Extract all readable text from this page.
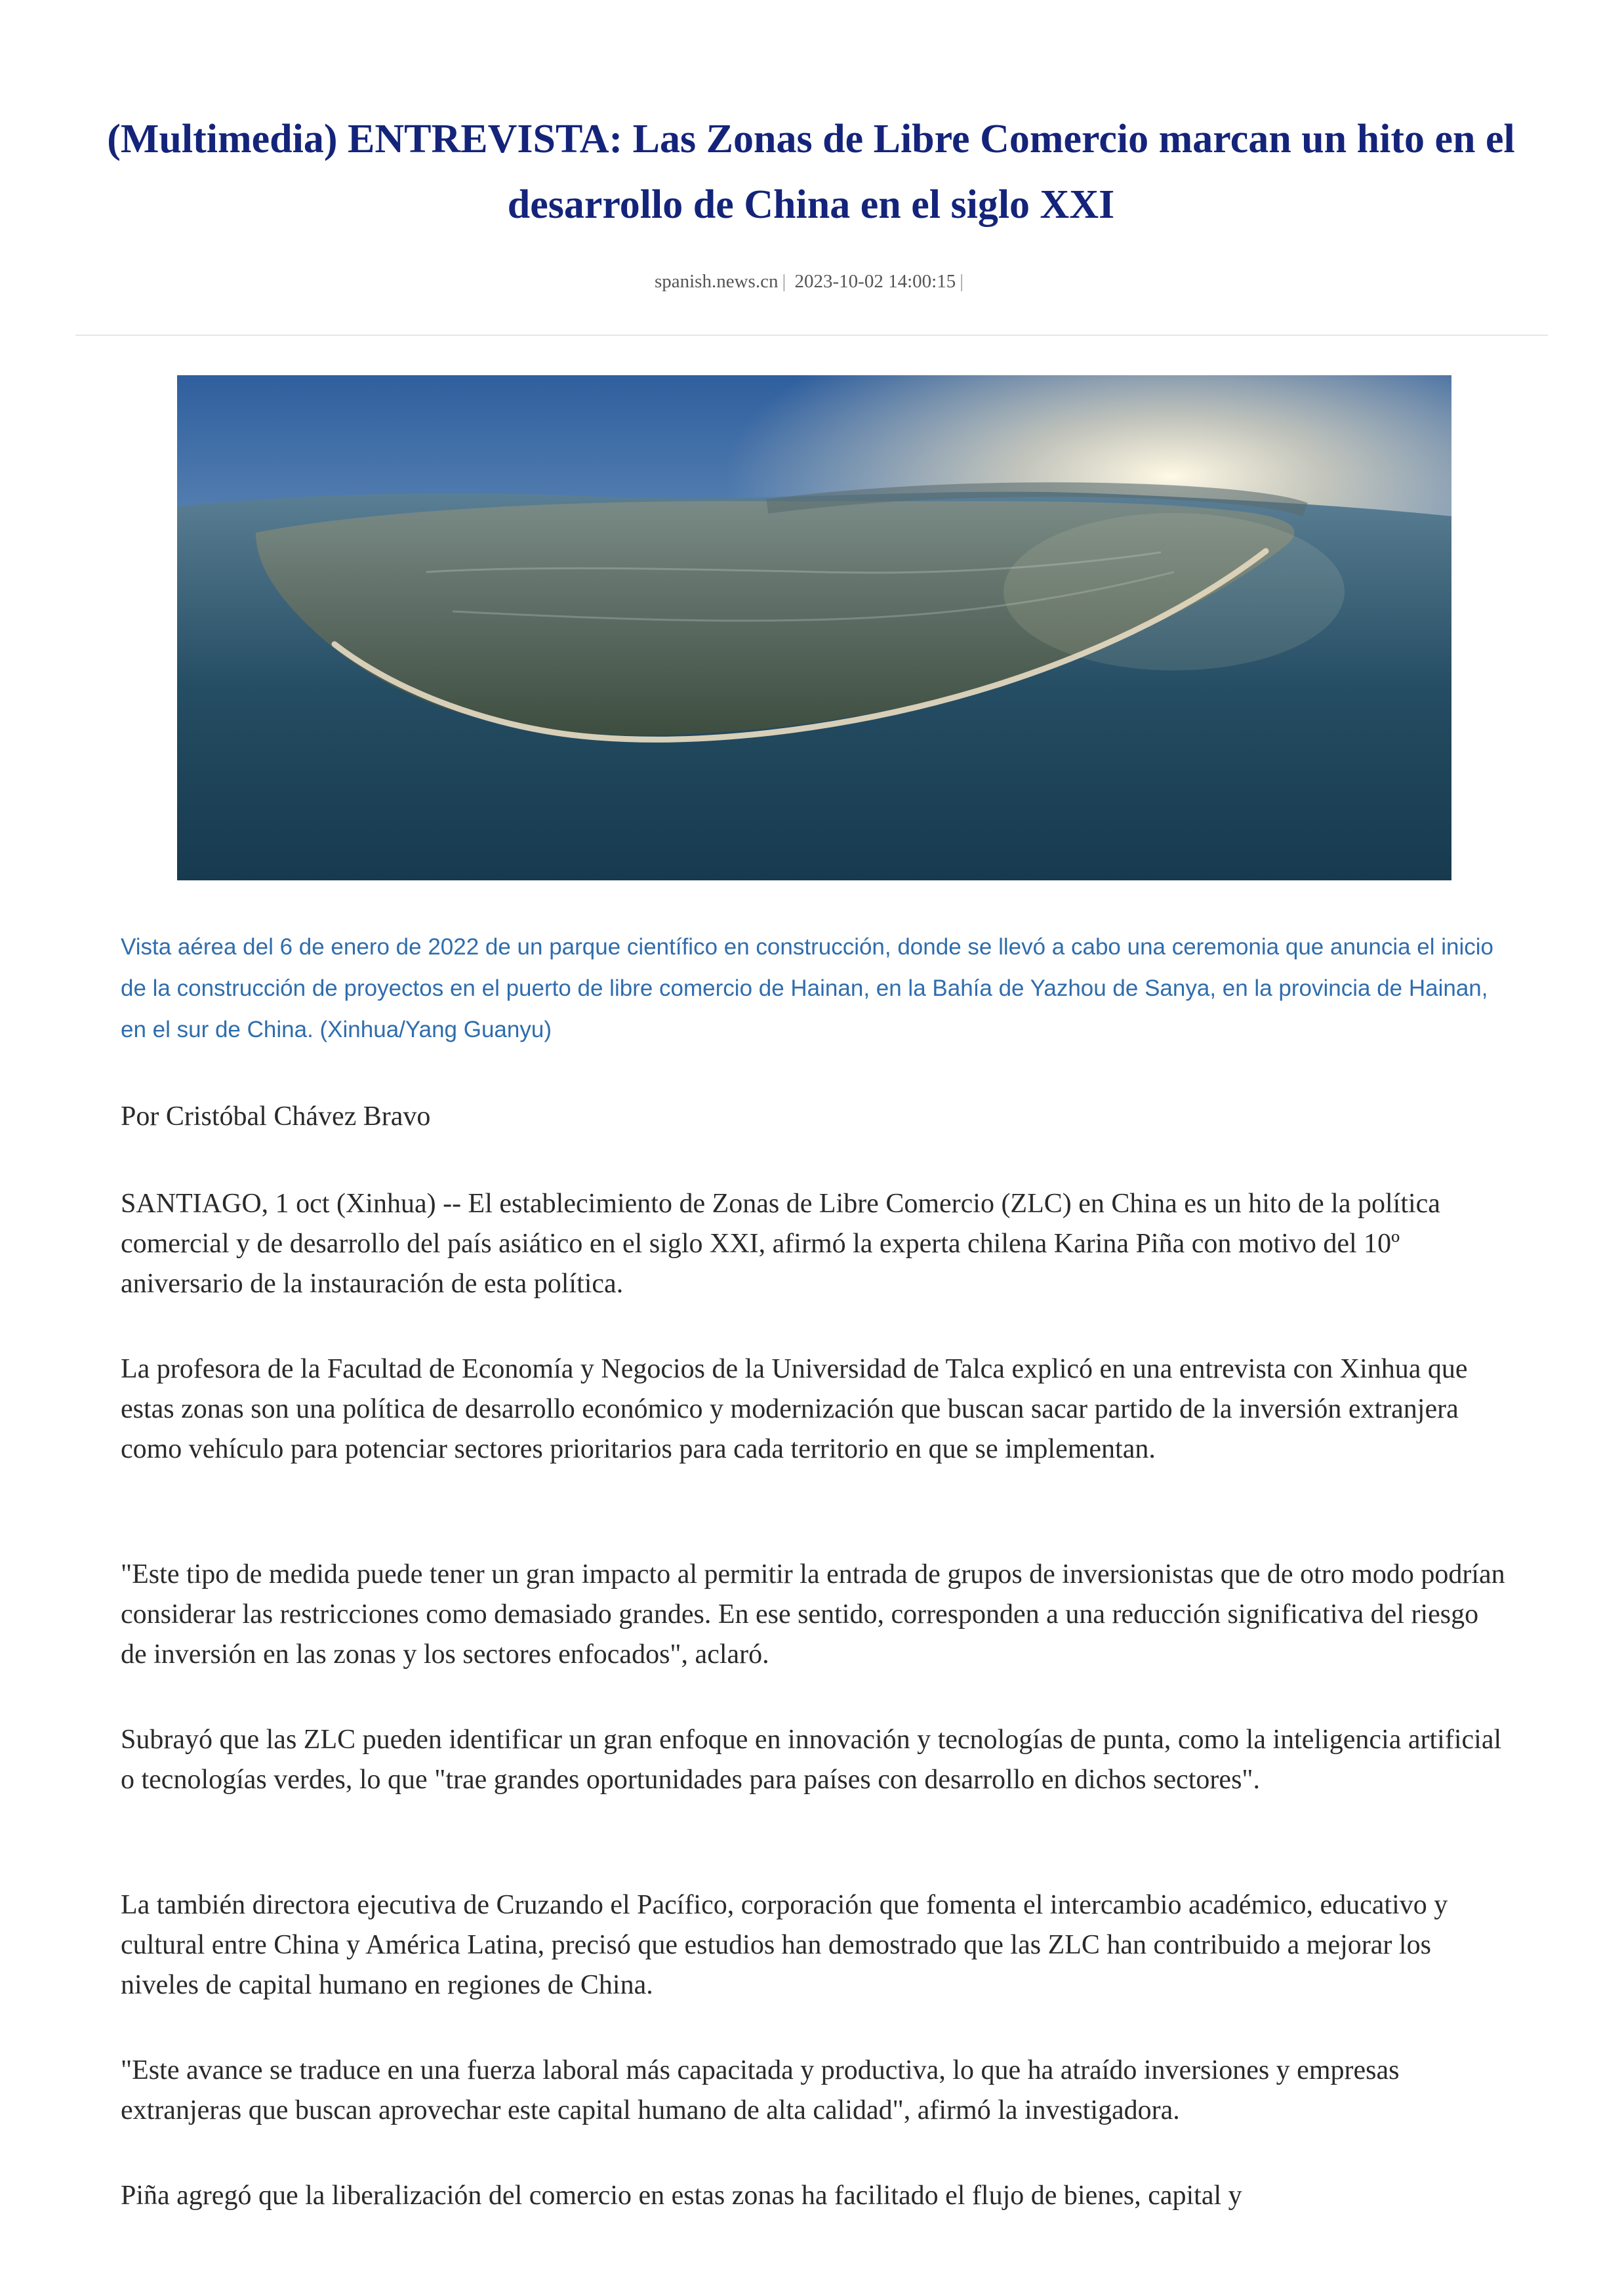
(Multimedia) ENTREVISTA: Las Zonas de Libre Comercio marcan un hito en el desarrollo de China en el siglo XXI
spanish.news.cn | 2023-10-02 14:00:15 |

Vista aérea del 6 de enero de 2022 de un parque científico en construcción, donde se llevó a cabo una ceremonia que anuncia el inicio de la construcción de proyectos en el puerto de libre comercio de Hainan, en la Bahía de Yazhou de Sanya, en la provincia de Hainan, en el sur de China. (Xinhua/Yang Guanyu)

Por Cristóbal Chávez Bravo

SANTIAGO, 1 oct (Xinhua) -- El establecimiento de Zonas de Libre Comercio (ZLC) en China es un hito de la política comercial y de desarrollo del país asiático en el siglo XXI, afirmó la experta chilena Karina Piña con motivo del 10º aniversario de la instauración de esta política.

La profesora de la Facultad de Economía y Negocios de la Universidad de Talca explicó en una entrevista con Xinhua que estas zonas son una política de desarrollo económico y modernización que buscan sacar partido de la inversión extranjera como vehículo para potenciar sectores prioritarios para cada territorio en que se implementan.

"Este tipo de medida puede tener un gran impacto al permitir la entrada de grupos de inversionistas que de otro modo podrían considerar las restricciones como demasiado grandes. En ese sentido, corresponden a una reducción significativa del riesgo de inversión en las zonas y los sectores enfocados", aclaró.

Subrayó que las ZLC pueden identificar un gran enfoque en innovación y tecnologías de punta, como la inteligencia artificial o tecnologías verdes, lo que "trae grandes oportunidades para países con desarrollo en dichos sectores".

La también directora ejecutiva de Cruzando el Pacífico, corporación que fomenta el intercambio académico, educativo y cultural entre China y América Latina, precisó que estudios han demostrado que las ZLC han contribuido a mejorar los niveles de capital humano en regiones de China.

"Este avance se traduce en una fuerza laboral más capacitada y productiva, lo que ha atraído inversiones y empresas extranjeras que buscan aprovechar este capital humano de alta calidad", afirmó la investigadora.

Piña agregó que la liberalización del comercio en estas zonas ha facilitado el flujo de bienes, capital y
